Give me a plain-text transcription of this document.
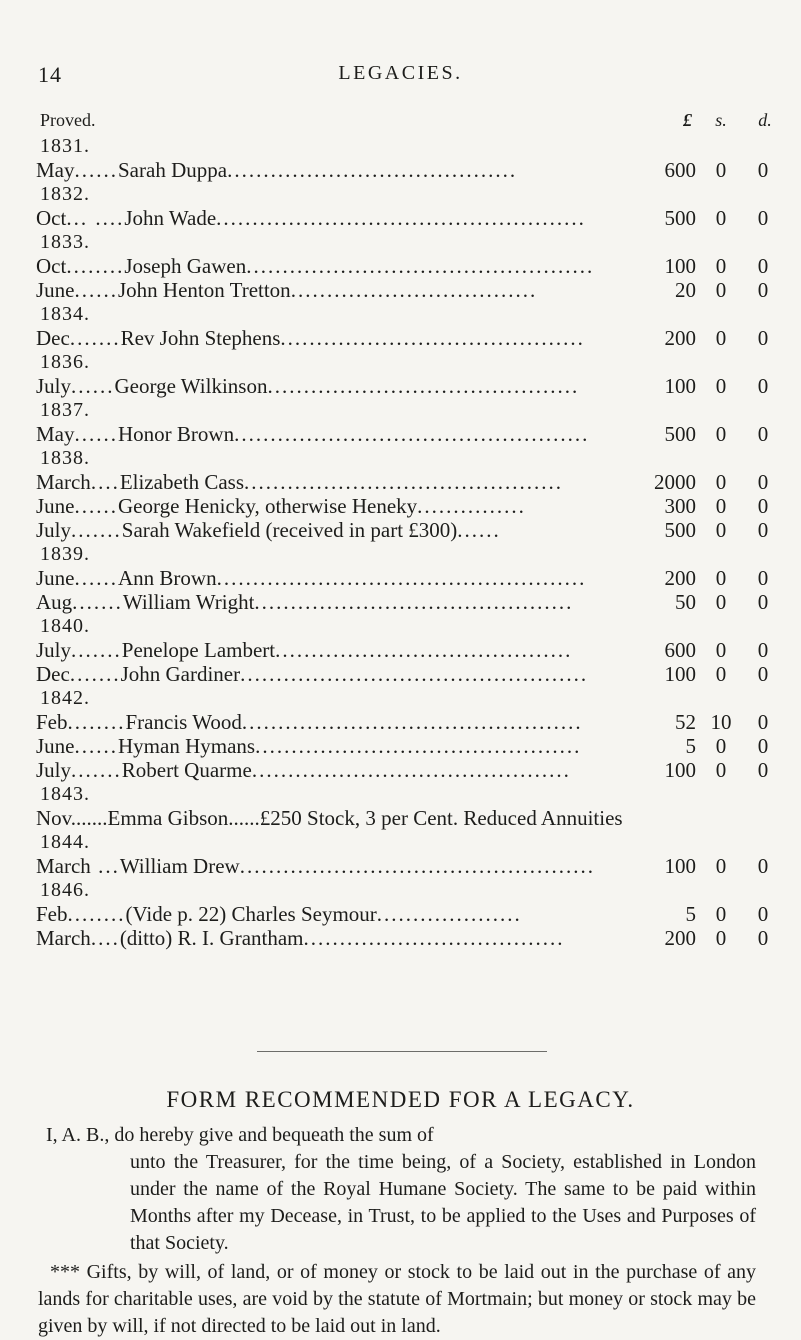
14	LEGACIES.
Proved.	£ s. d.
1831.
May......Sarah Duppa........................................	600 0	0
1832.
Oct... ....John Wade...................................................	500 0	0
1833.
Oct........Joseph Gawen................................................	100 0	0
June......John Henton Tretton..................................	20 0	0
1834.
Dec.......Rev John Stephens..........................................	200 0	0
1836.
July......George Wilkinson...........................................	100 0	0
1837.
May......Honor Brown.................................................	500 0	0
1838.
March....Elizabeth Cass............................................	2000 0	0
June......George Henicky, otherwise Heneky...............	300 0	0
July.......Sarah Wakefield (received in part £300)......	500 0	0
1839.
June......Ann Brown...................................................	200 0	0
Aug.......William Wright............................................	50 0	0
1840.
July.......Penelope Lambert.........................................	600 0	0
Dec.......John Gardiner................................................	100 0	0
1842.
Feb........Francis Wood...............................................	52 10	0
June......Hyman Hymans.............................................	5 0	0
July.......Robert Quarme............................................	100 0	0
1843.
Nov.......Emma Gibson......£250 Stock, 3 per Cent. Reduced Annuities
1844.
March ...William Drew.................................................	100 0	0
1846.
Feb........(Vide p. 22) Charles Seymour....................	5 0	0
March....(ditto) R. I. Grantham....................................	200 0	0
FORM RECOMMENDED FOR A LEGACY.

I, A. B., do hereby give and bequeath the sum of

unto the Treasurer, for the time being, of a Society, established in London under the name of the Royal Humane Society. The same to be paid within Months after my Decease, in Trust, to be applied to the Uses and Purposes of that Society.

*** Gifts, by will, of land, or of money or stock to be laid out in the purchase of any lands for charitable uses, are void by the statute of Mortmain; but money or stock may be given by will, if not directed to be laid out in land.
